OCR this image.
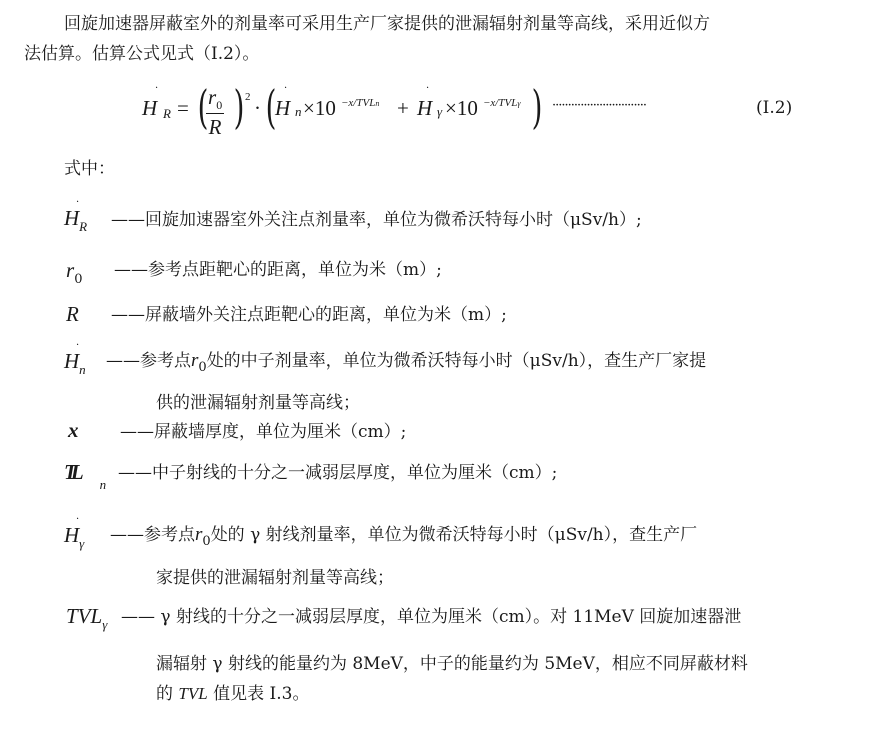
回旋加速器屏蔽室外的剂量率可采用生产厂家提供的泄漏辐射剂量等高线，采用近似方
法估算。估算公式见式（I.2）。
·
H R = (
$\frac{r_0}{R}$ ) 2 · ( ·
H n ×10 −x/TVLn +
·
H γ ×10 −x/TVLγ ) ······························	(I.2)
式中：
·
$H_R$	——回旋加速器室外关注点剂量率，单位为微希沃特每小时（μSv/h）;
$r_0$ ——参考点距靶心的距离，单位为米（m）;
R ——屏蔽墙外关注点距靶心的距离，单位为米（m）;
·
$H_n$	——参考点$r_0$处的中子剂量率，单位为微希沃特每小时（μSv/h），查生产厂家提
供的泄漏辐射剂量等高线；
x ——屏蔽墙厚度，单位为厘米（cm）;
$TL_n$
——中子射线的十分之一减弱层厚度，单位为厘米（cm）;
·
$H_\gamma$	——参考点$r_0$处的 γ 射线剂量率，单位为微希沃特每小时（μSv/h），查生产厂
家提供的泄漏辐射剂量等高线；
$TVL_\gamma$ —— γ 射线的十分之一减弱层厚度，单位为厘米（cm）。对 11MeV 回旋加速器泄
漏辐射 γ 射线的能量约为 8MeV，中子的能量约为 5MeV，相应不同屏蔽材料
的 TVL 值见表 I.3。
